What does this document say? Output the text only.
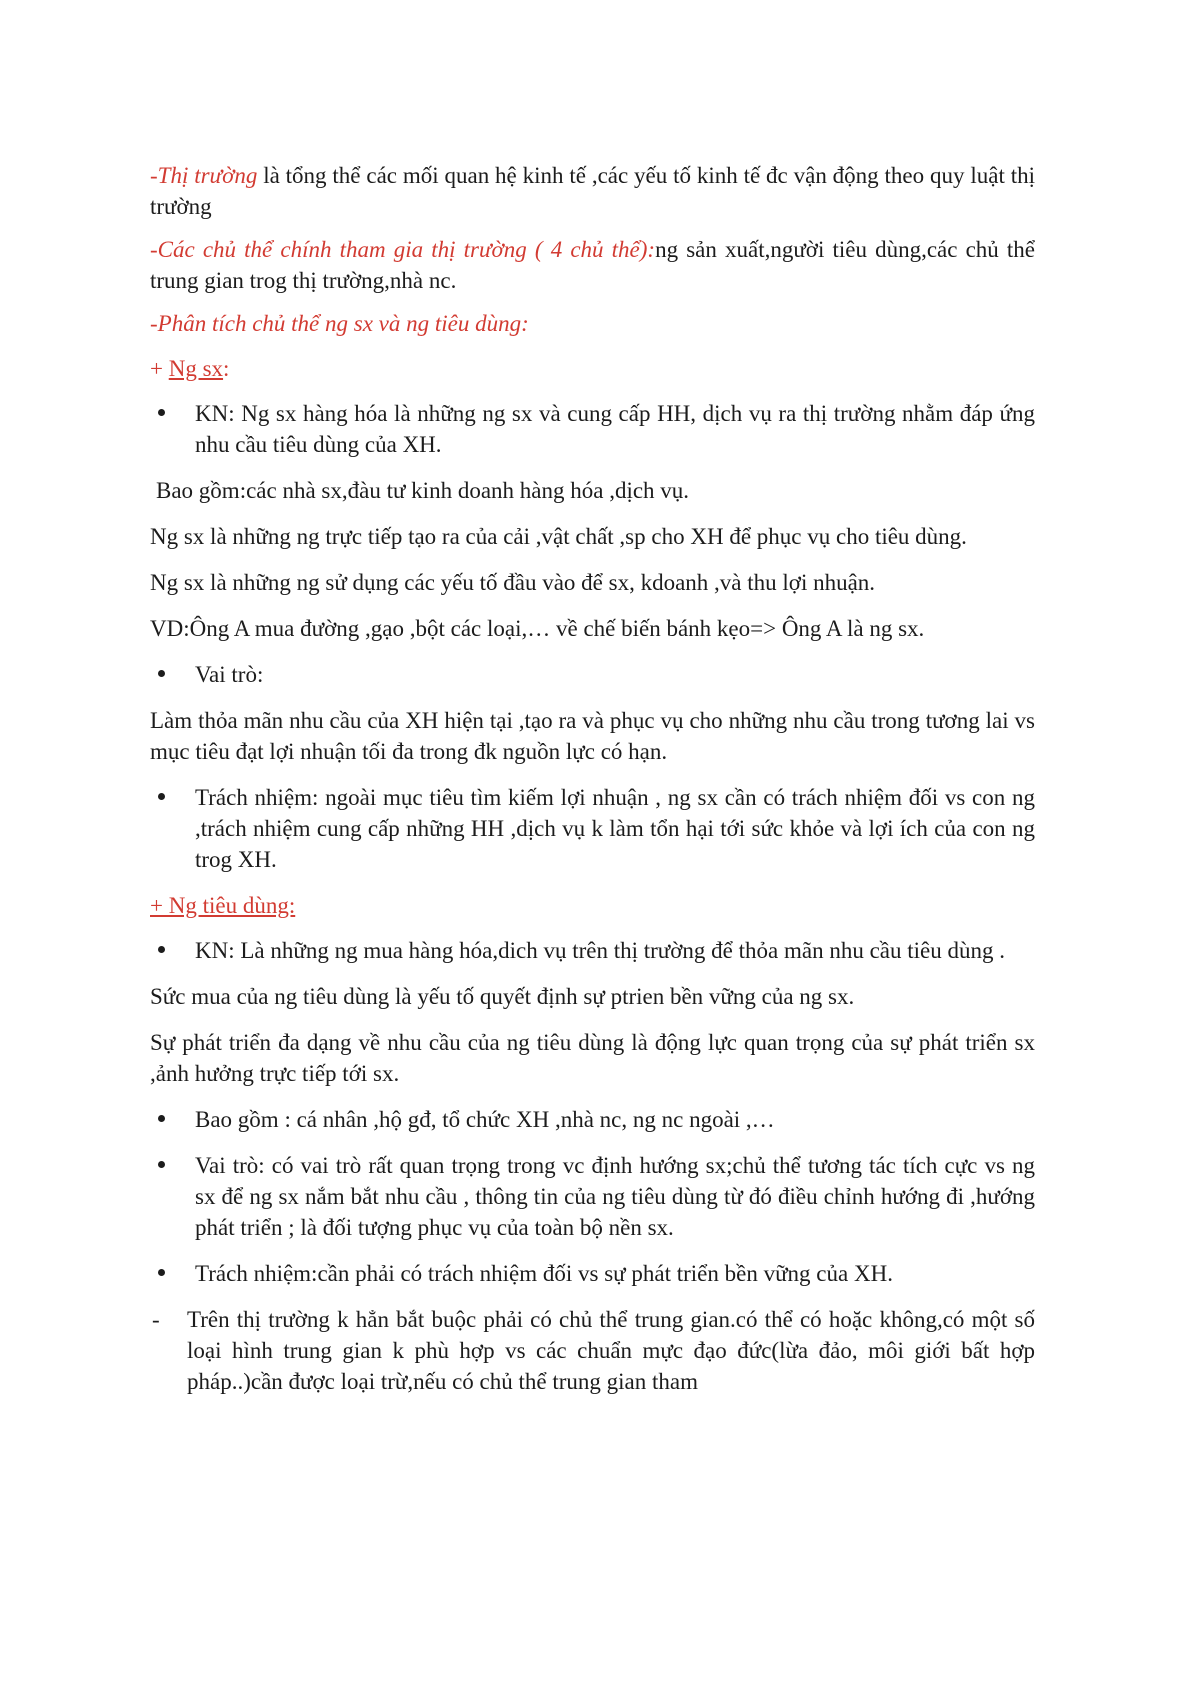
-Thị trường là tổng thể các mối quan hệ kinh tế ,các yếu tố kinh tế đc vận động theo quy luật thị trường

-Các chủ thể chính tham gia thị trường ( 4 chủ thể):ng sản xuất,người tiêu dùng,các chủ thể trung gian trog thị trường,nhà nc.

-Phân tích chủ thể ng sx và ng tiêu dùng:

+ Ng sx:

KN: Ng sx hàng hóa là những ng sx và cung cấp HH, dịch vụ ra thị trường nhằm đáp ứng nhu cầu tiêu dùng của XH.

Bao gồm:các nhà sx,đàu tư kinh doanh hàng hóa ,dịch vụ.

Ng sx là những ng trực tiếp tạo ra của cải ,vật chất ,sp cho XH để phục vụ cho tiêu dùng.

Ng sx là những ng sử dụng các yếu tố đầu vào để sx, kdoanh ,và thu lợi nhuận.

VD:Ông A mua đường ,gạo ,bột các loại,… về chế biến bánh kẹo=> Ông A là ng sx.

Vai trò:

Làm thỏa mãn nhu cầu của XH hiện tại ,tạo ra và phục vụ cho những nhu cầu trong tương lai vs mục tiêu đạt lợi nhuận tối đa trong đk nguồn lực có hạn.

Trách nhiệm: ngoài mục tiêu tìm kiếm lợi nhuận , ng sx cần có trách nhiệm đối vs con ng ,trách nhiệm cung cấp những HH ,dịch vụ k làm tổn hại tới sức khỏe và lợi ích của con ng trog XH.

+ Ng tiêu dùng:

KN: Là những ng mua hàng hóa,dich vụ trên thị trường để thỏa mãn nhu cầu tiêu dùng .

Sức mua của ng tiêu dùng là yếu tố quyết định sự ptrien bền vững của ng sx.

Sự phát triển đa dạng về nhu cầu của ng tiêu dùng là động lực quan trọng của sự phát triển sx ,ảnh hưởng trực tiếp tới sx.

Bao gồm : cá nhân ,hộ gđ, tổ chức XH ,nhà nc, ng nc ngoài ,…
Vai trò: có vai trò rất quan trọng trong vc định hướng sx;chủ thể tương tác tích cực vs ng sx để ng sx nắm bắt nhu cầu , thông tin của ng tiêu dùng từ đó điều chỉnh hướng đi ,hướng phát triển ; là đối tượng phục vụ của toàn bộ nền sx.
Trách nhiệm:cần phải có trách nhiệm đối vs sự phát triển bền vững của XH.
- Trên thị trường k hẳn bắt buộc phải có chủ thể trung gian.có thể có hoặc không,có một số loại hình trung gian k phù hợp vs các chuẩn mực đạo đức(lừa đảo, môi giới bất hợp pháp..)cần được loại trừ,nếu có chủ thể trung gian tham
